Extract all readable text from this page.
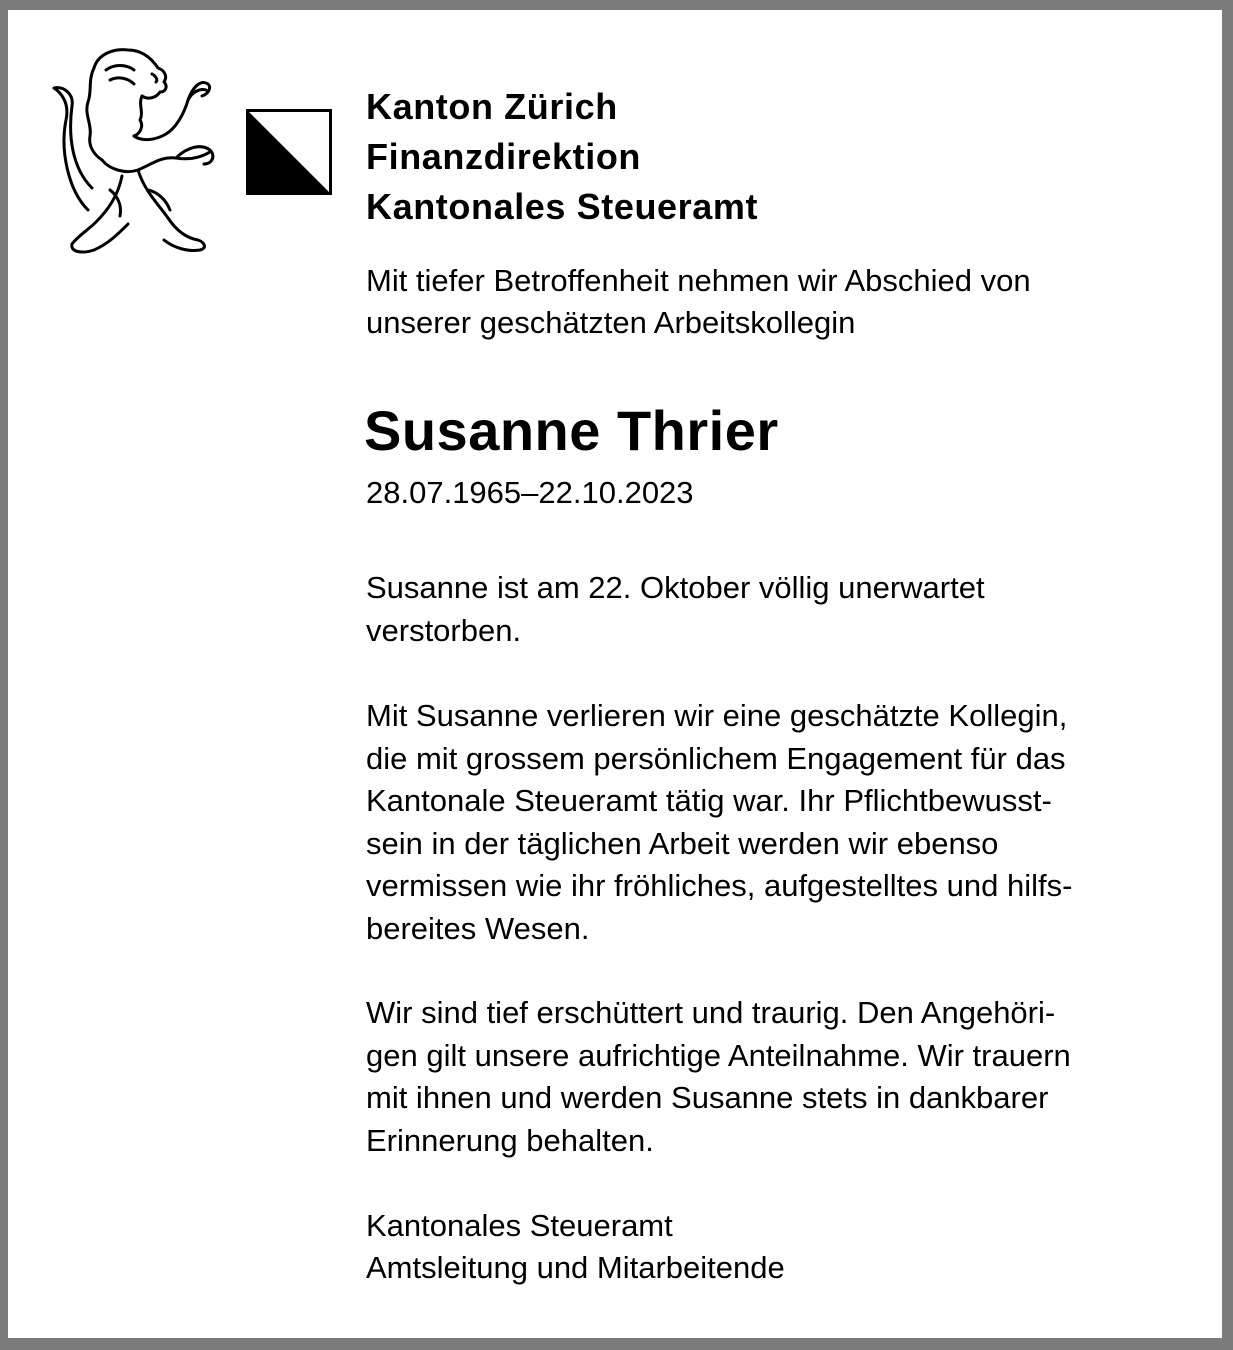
Kanton Zürich
Finanzdirektion
Kantonales Steueramt

Mit tiefer Betroffenheit nehmen wir Abschied von
unserer geschätzten Arbeitskollegin

Susanne Thrier

28.07.1965–22.10.2023

Susanne ist am 22. Oktober völlig unerwartet
verstorben.

Mit Susanne verlieren wir eine geschätzte Kollegin,
die mit grossem persönlichem Engagement für das
Kantonale Steueramt tätig war. Ihr Pflichtbewusst-
sein in der täglichen Arbeit werden wir ebenso
vermissen wie ihr fröhliches, aufgestelltes und hilfs-
bereites Wesen.

Wir sind tief erschüttert und traurig. Den Angehöri-
gen gilt unsere aufrichtige Anteilnahme. Wir trauern
mit ihnen und werden Susanne stets in dankbarer
Erinnerung behalten.

Kantonales Steueramt
Amtsleitung und Mitarbeitende
